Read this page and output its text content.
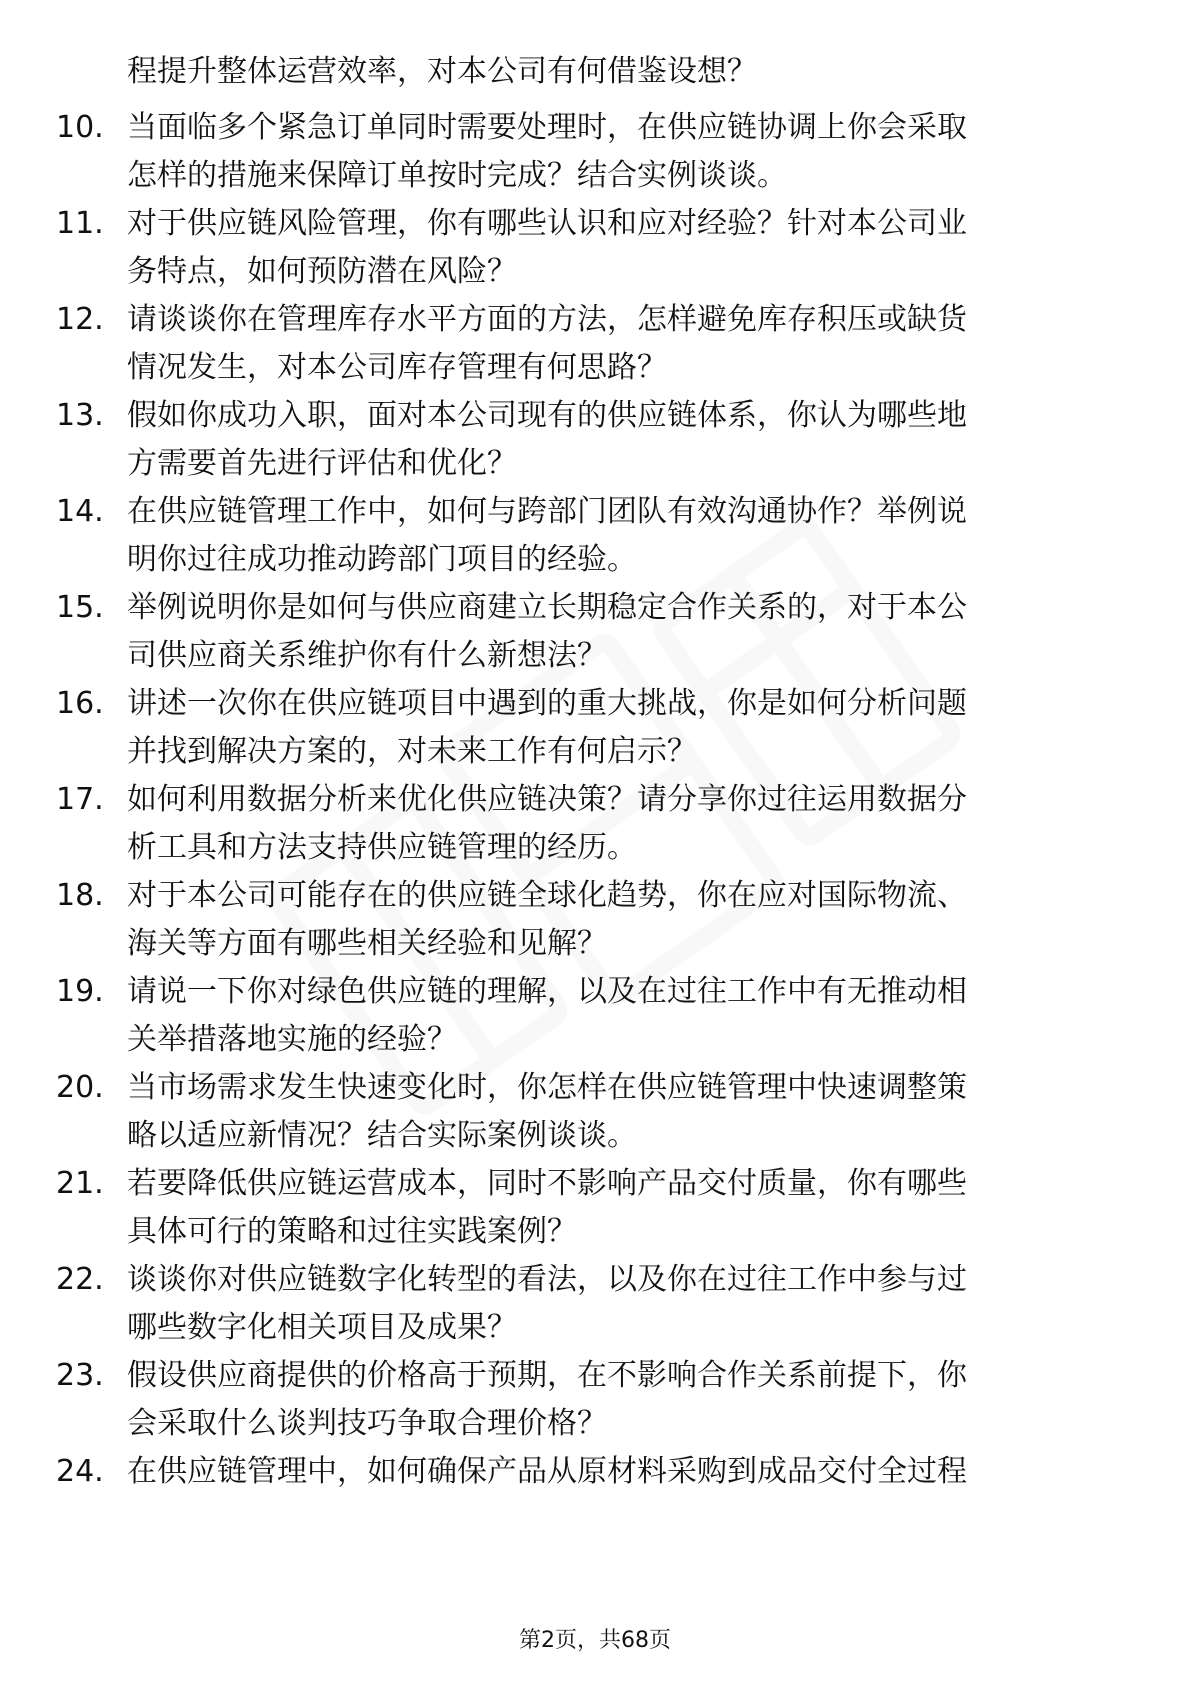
程提升整体运营效率，对本公司有何借鉴设想？
10. 当面临多个紧急订单同时需要处理时，在供应链协调上你会采取
怎样的措施来保障订单按时完成？结合实例谈谈。
11. 对于供应链风险管理，你有哪些认识和应对经验？针对本公司业
务特点，如何预防潜在风险？
12. 请谈谈你在管理库存水平方面的方法，怎样避免库存积压或缺货
情况发生，对本公司库存管理有何思路？
13. 假如你成功入职，面对本公司现有的供应链体系，你认为哪些地
方需要首先进行评估和优化？
14. 在供应链管理工作中，如何与跨部门团队有效沟通协作？举例说
明你过往成功推动跨部门项目的经验。
15. 举例说明你是如何与供应商建立长期稳定合作关系的，对于本公
司供应商关系维护你有什么新想法？
16. 讲述一次你在供应链项目中遇到的重大挑战，你是如何分析问题
并找到解决方案的，对未来工作有何启示？
17. 如何利用数据分析来优化供应链决策？请分享你过往运用数据分
析工具和方法支持供应链管理的经历。
18. 对于本公司可能存在的供应链全球化趋势，你在应对国际物流、
海关等方面有哪些相关经验和见解？
19. 请说一下你对绿色供应链的理解，以及在过往工作中有无推动相
关举措落地实施的经验？
20. 当市场需求发生快速变化时，你怎样在供应链管理中快速调整策
略以适应新情况？结合实际案例谈谈。
21. 若要降低供应链运营成本，同时不影响产品交付质量，你有哪些
具体可行的策略和过往实践案例？
22. 谈谈你对供应链数字化转型的看法，以及你在过往工作中参与过
哪些数字化相关项目及成果？
23. 假设供应商提供的价格高于预期，在不影响合作关系前提下，你
会采取什么谈判技巧争取合理价格？
24. 在供应链管理中，如何确保产品从原材料采购到成品交付全过程
第2页，共68页
